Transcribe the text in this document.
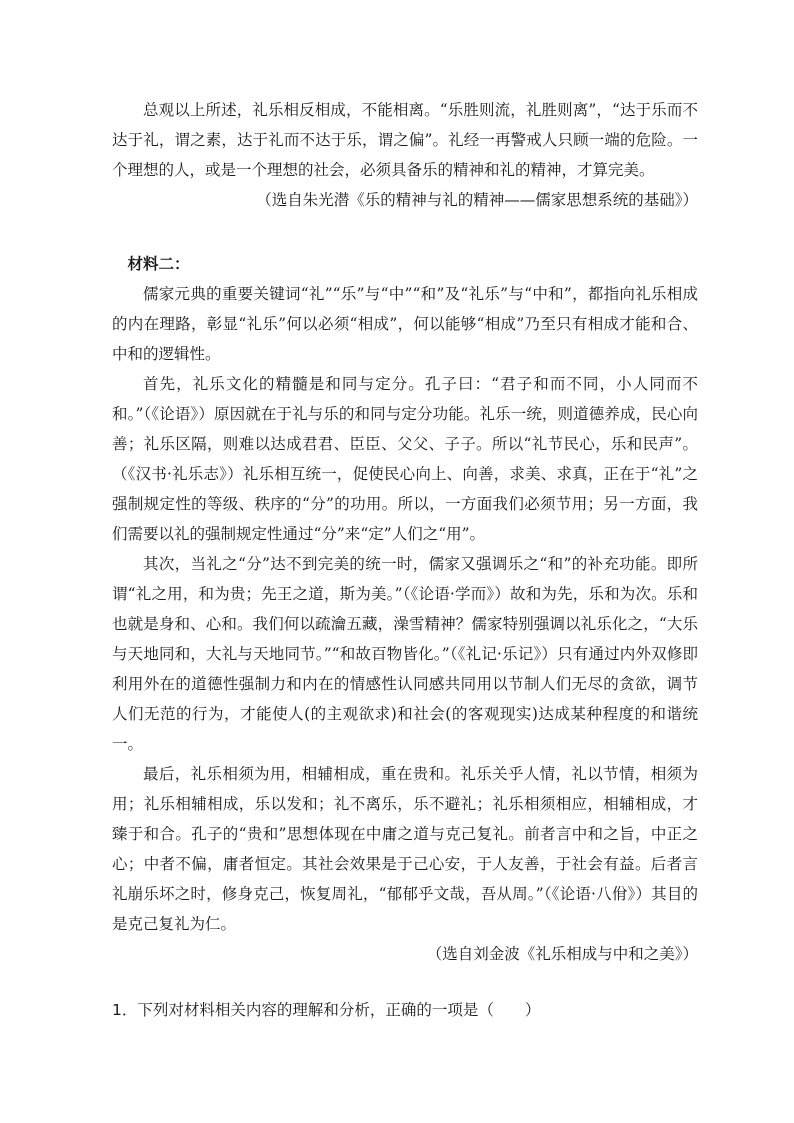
总观以上所述，礼乐相反相成，不能相离。“乐胜则流，礼胜则离”，“达于乐而不达于礼，谓之素，达于礼而不达于乐，谓之偏”。礼经一再警戒人只顾一端的危险。一个理想的人，或是一个理想的社会，必须具备乐的精神和礼的精神，才算完美。

（选自朱光潜《乐的精神与礼的精神——儒家思想系统的基础》）

材料二：

儒家元典的重要关键词“礼”“乐”与“中”“和”及“礼乐”与“中和”，都指向礼乐相成的内在理路，彰显“礼乐”何以必须“相成”，何以能够“相成”乃至只有相成才能和合、中和的逻辑性。

首先，礼乐文化的精髓是和同与定分。孔子曰：“君子和而不同，小人同而不和。”（《论语》）原因就在于礼与乐的和同与定分功能。礼乐一统，则道德养成，民心向善；礼乐区隔，则难以达成君君、臣臣、父父、子子。所以“礼节民心，乐和民声”。（《汉书·礼乐志》）礼乐相互统一，促使民心向上、向善，求美、求真，正在于“礼”之强制规定性的等级、秩序的“分”的功用。所以，一方面我们必须节用；另一方面，我们需要以礼的强制规定性通过“分”来“定”人们之“用”。

其次，当礼之“分”达不到完美的统一时，儒家又强调乐之“和”的补充功能。即所谓“礼之用，和为贵；先王之道，斯为美。”（《论语·学而》）故和为先，乐和为次。乐和也就是身和、心和。我们何以疏瀹五藏，澡雪精神？儒家特别强调以礼乐化之，“大乐与天地同和，大礼与天地同节。”“和故百物皆化。”（《礼记·乐记》）只有通过内外双修即利用外在的道德性强制力和内在的情感性认同感共同用以节制人们无尽的贪欲，调节人们无范的行为，才能使人(的主观欲求)和社会(的客观现实)达成某种程度的和谐统一。

最后，礼乐相须为用，相辅相成，重在贵和。礼乐关乎人情，礼以节情，相须为用；礼乐相辅相成，乐以发和；礼不离乐，乐不避礼；礼乐相须相应，相辅相成，才臻于和合。孔子的“贵和”思想体现在中庸之道与克己复礼。前者言中和之旨，中正之心；中者不偏，庸者恒定。其社会效果是于己心安，于人友善，于社会有益。后者言礼崩乐坏之时，修身克己，恢复周礼，“郁郁乎文哉，吾从周。”（《论语·八佾》）其目的是克己复礼为仁。

（选自刘金波《礼乐相成与中和之美》）

1．下列对材料相关内容的理解和分析，正确的一项是（　　）
